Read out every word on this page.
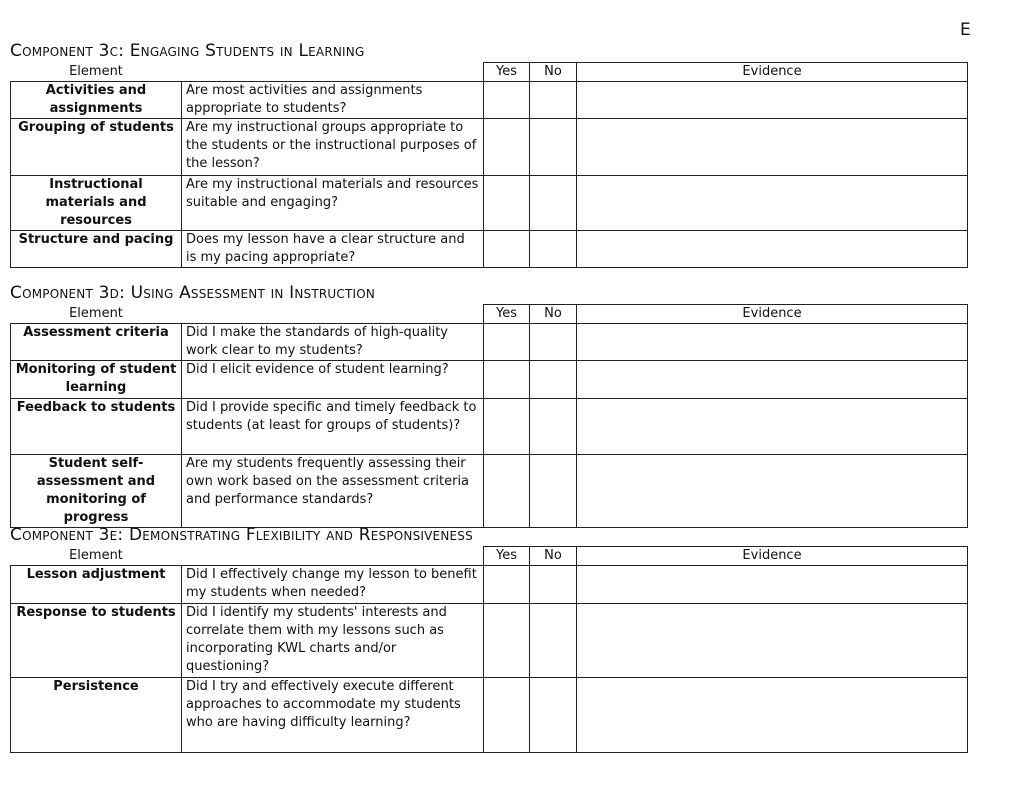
E
Component 3c: Engaging Students in Learning
Element		Yes	No	Evidence
Activities and assignments	Are most activities and assignments appropriate to students?			
Grouping of students	Are my instructional groups appropriate to the students or the instructional purposes of the lesson?			
Instructional materials and resources	Are my instructional materials and resources suitable and engaging?			
Structure and pacing	Does my lesson have a clear structure and is my pacing appropriate?			
Component 3d: Using Assessment in Instruction
Element		Yes	No	Evidence
Assessment criteria	Did I make the standards of high-quality work clear to my students?			
Monitoring of student learning	Did I elicit evidence of student learning?			
Feedback to students	Did I provide specific and timely feedback to students (at least for groups of students)?			
Student self-assessment and monitoring of progress	Are my students frequently assessing their own work based on the assessment criteria and performance standards?			
Component 3e: Demonstrating Flexibility and Responsiveness
Element		Yes	No	Evidence
Lesson adjustment	Did I effectively change my lesson to benefit my students when needed?			
Response to students	Did I identify my students' interests and correlate them with my lessons such as incorporating KWL charts and/or questioning?			
Persistence	Did I try and effectively execute different approaches to accommodate my students who are having difficulty learning?			
